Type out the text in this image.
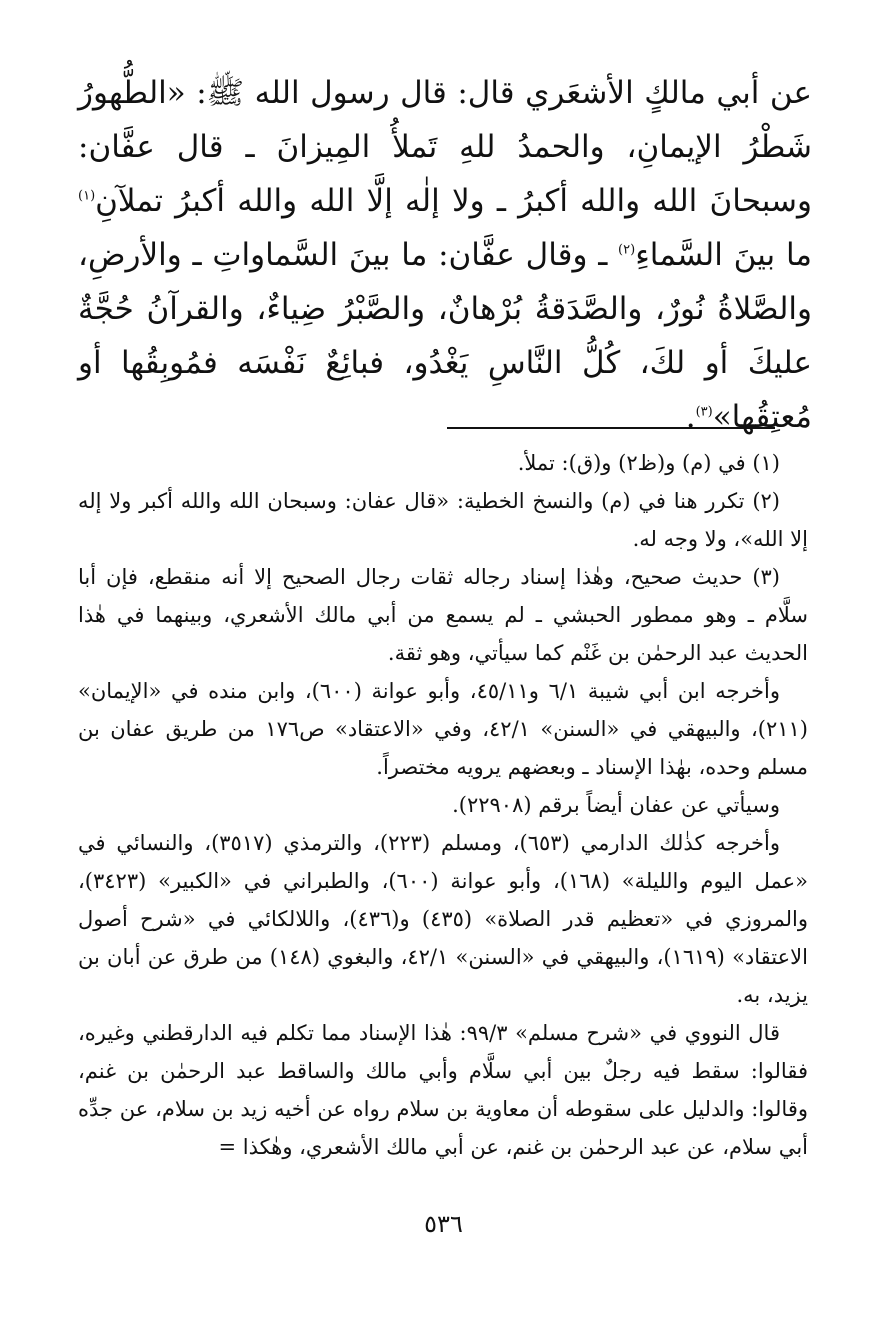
عن أبي مالكٍ الأشعَري قال: قال رسول الله ﷺ: «الطُّهورُ شَطْرُ الإيمانِ، والحمدُ للهِ تَملأُ المِيزانَ ـ قال عفَّان: وسبحانَ الله والله أكبرُ ـ ولا إلٰه إلَّا الله والله أكبرُ تملآنِ$^{(١)}$ ما بينَ السَّماءِ$^{(٢)}$ ـ وقال عفَّان: ما بينَ السَّماواتِ ـ والأرضِ، والصَّلاةُ نُورٌ، والصَّدَقةُ بُرْهانٌ، والصَّبْرُ ضِياءٌ، والقرآنُ حُجَّةٌ عليكَ أو لكَ، كُلُّ النَّاسِ يَغْدُو، فبائِعٌ نَفْسَه فمُوبِقُها أو مُعتِقُها»$^{(٣)}$.

(١) في (م) و(ظ٢) و(ق): تملأ.

(٢) تكرر هنا في (م) والنسخ الخطية: «قال عفان: وسبحان الله والله أكبر ولا إله إلا الله»، ولا وجه له.

(٣) حديث صحيح، وهٰذا إسناد رجاله ثقات رجال الصحيح إلا أنه منقطع، فإن أبا سلَّام ـ وهو ممطور الحبشي ـ لم يسمع من أبي مالك الأشعري، وبينهما في هٰذا الحديث عبد الرحمٰن بن غَنْم كما سيأتي، وهو ثقة.

وأخرجه ابن أبي شيبة ٦/١ و٤٥/١١، وأبو عوانة (٦٠٠)، وابن منده في «الإيمان» (٢١١)، والبيهقي في «السنن» ٤٢/١، وفي «الاعتقاد» ص١٧٦ من طريق عفان بن مسلم وحده، بهٰذا الإسناد ـ وبعضهم يرويه مختصراً.

وسيأتي عن عفان أيضاً برقم (٢٢٩٠٨).

وأخرجه كذٰلك الدارمي (٦٥٣)، ومسلم (٢٢٣)، والترمذي (٣٥١٧)، والنسائي في «عمل اليوم والليلة» (١٦٨)، وأبو عوانة (٦٠٠)، والطبراني في «الكبير» (٣٤٢٣)، والمروزي في «تعظيم قدر الصلاة» (٤٣٥) و(٤٣٦)، واللالكائي في «شرح أصول الاعتقاد» (١٦١٩)، والبيهقي في «السنن» ٤٢/١، والبغوي (١٤٨) من طرق عن أبان بن يزيد، به.

قال النووي في «شرح مسلم» ٩٩/٣: هٰذا الإسناد مما تكلم فيه الدارقطني وغيره، فقالوا: سقط فيه رجلٌ بين أبي سلَّام وأبي مالك والساقط عبد الرحمٰن بن غنم، وقالوا: والدليل على سقوطه أن معاوية بن سلام رواه عن أخيه زيد بن سلام، عن جدِّه أبي سلام، عن عبد الرحمٰن بن غنم، عن أبي مالك الأشعري، وهٰكذا =

٥٣٦
